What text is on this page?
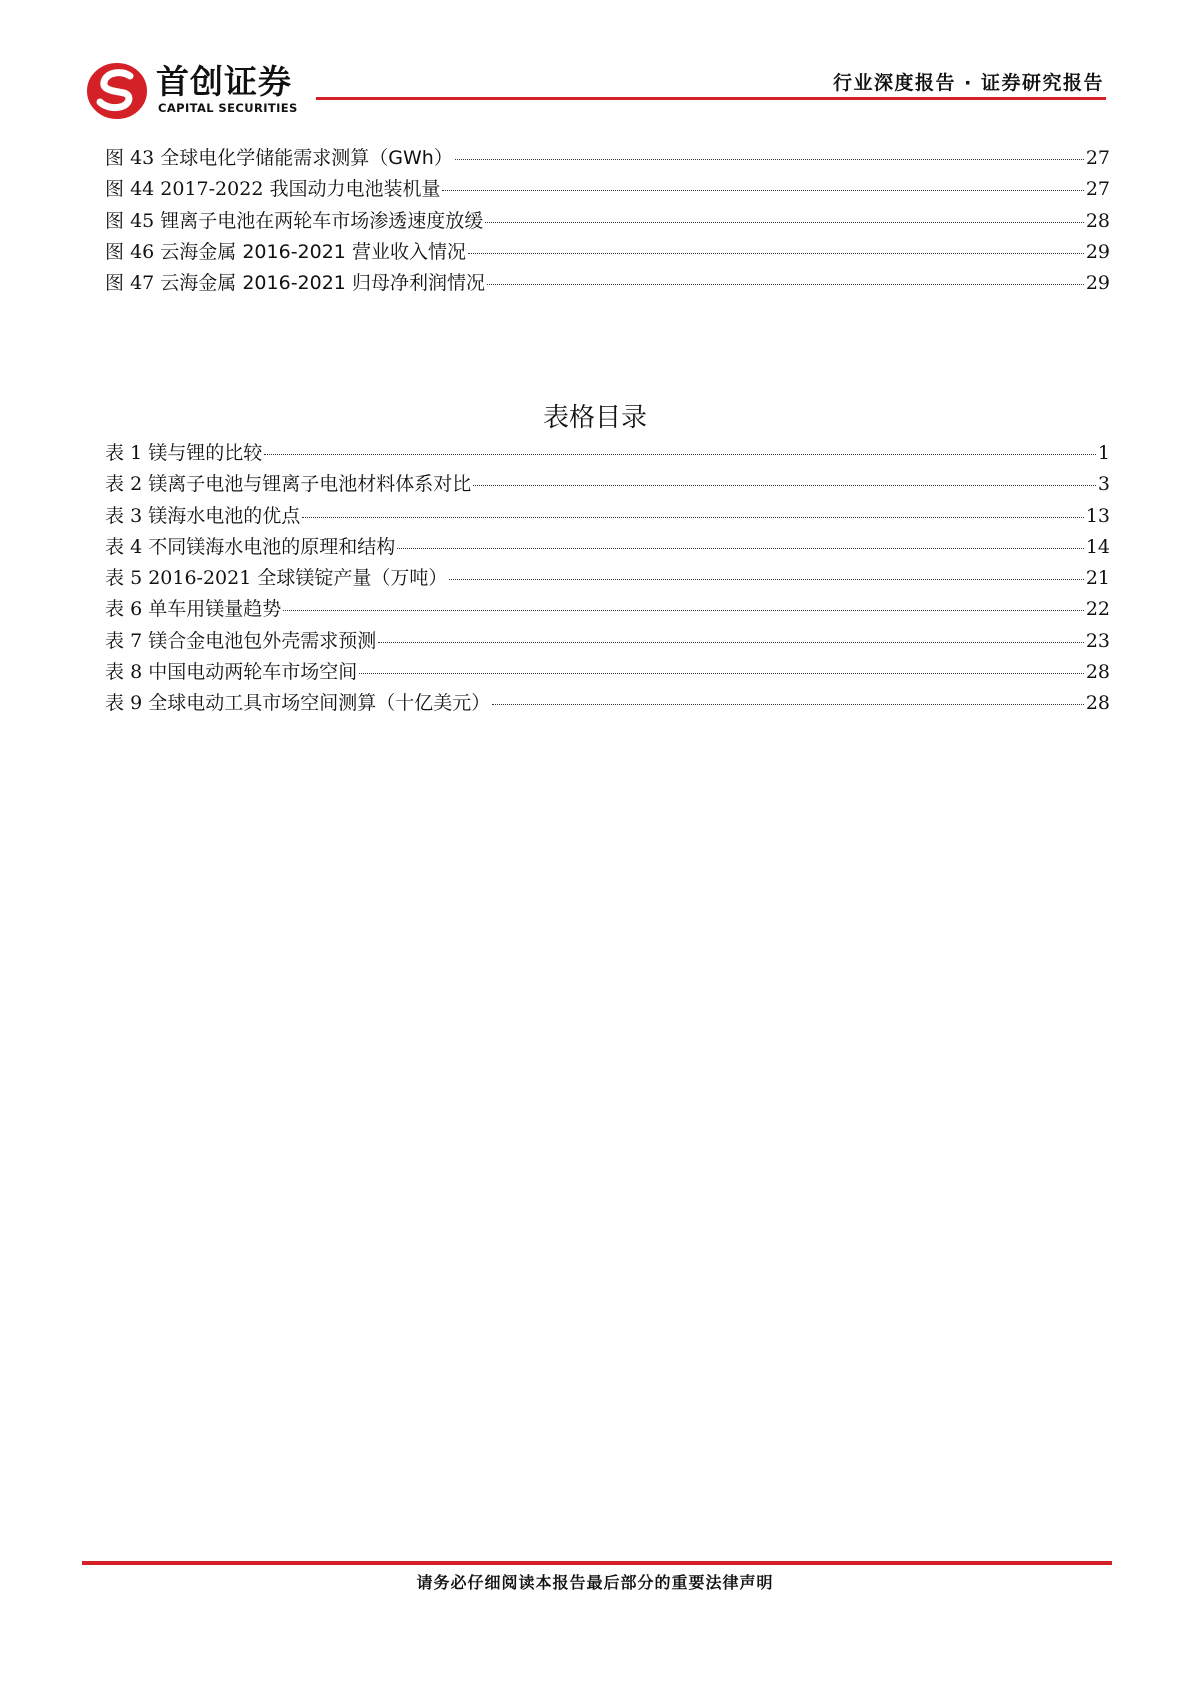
首创证券
CAPITAL SECURITIES
行业深度报告 · 证券研究报告
图 43 全球电化学储能需求测算（GWh）	27
图 44 2017-2022 我国动力电池装机量	27
图 45 锂离子电池在两轮车市场渗透速度放缓	28
图 46 云海金属 2016-2021 营业收入情况	29
图 47 云海金属 2016-2021 归母净利润情况	29
表格目录
表 1 镁与锂的比较	1
表 2 镁离子电池与锂离子电池材料体系对比	3
表 3 镁海水电池的优点	13
表 4 不同镁海水电池的原理和结构	14
表 5 2016-2021 全球镁锭产量（万吨）	21
表 6 单车用镁量趋势	22
表 7 镁合金电池包外壳需求预测	23
表 8 中国电动两轮车市场空间	28
表 9 全球电动工具市场空间测算（十亿美元）	28
请务必仔细阅读本报告最后部分的重要法律声明
